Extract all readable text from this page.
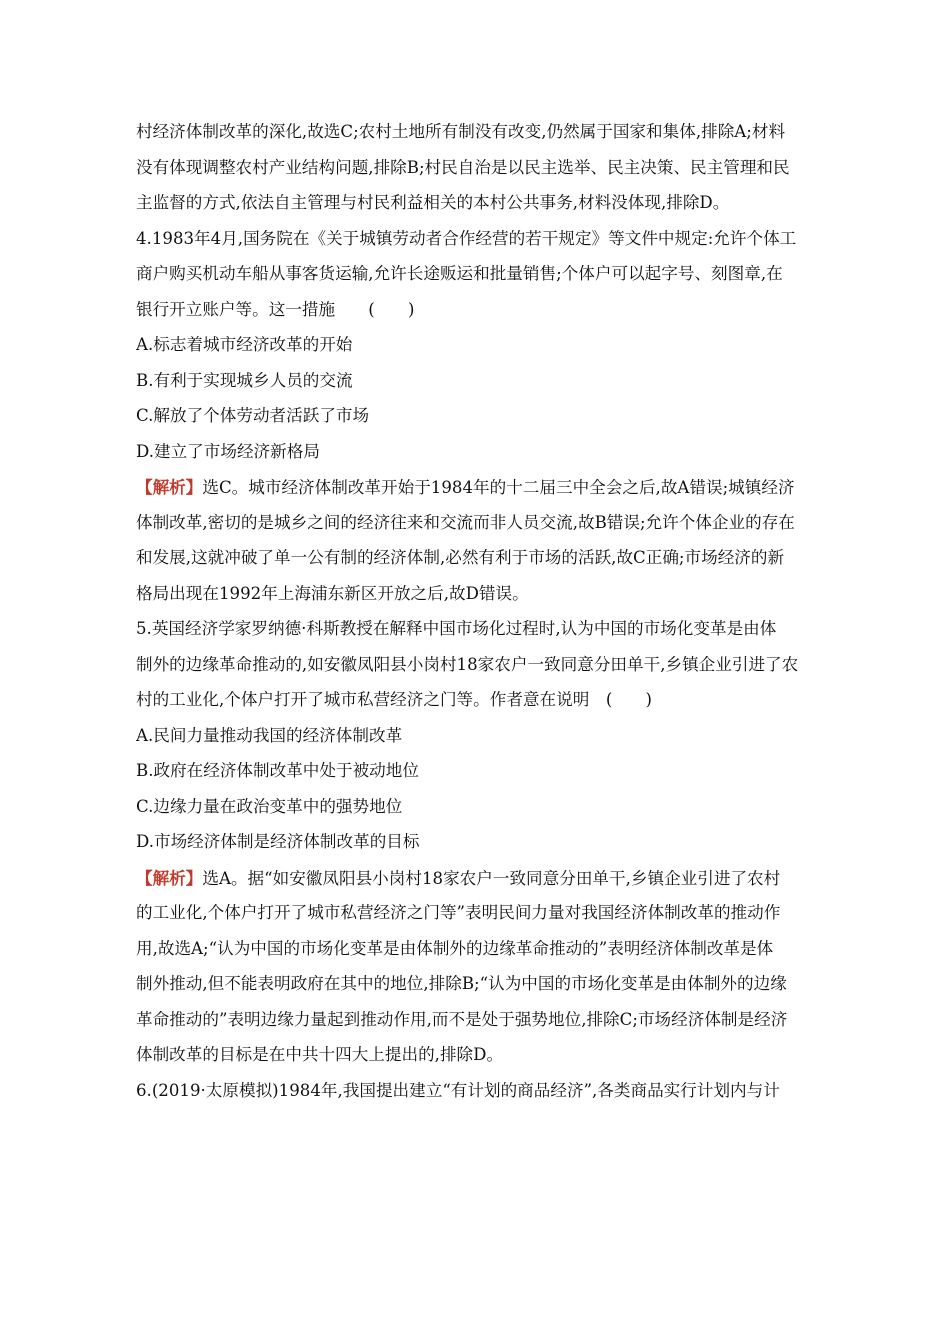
村经济体制改革的深化,故选C;农村土地所有制没有改变,仍然属于国家和集体,排除A;材料
没有体现调整农村产业结构问题,排除B;村民自治是以民主选举、民主决策、民主管理和民
主监督的方式,依法自主管理与村民利益相关的本村公共事务,材料没体现,排除D。
4.1983年4月,国务院在《关于城镇劳动者合作经营的若干规定》等文件中规定:允许个体工
商户购买机动车船从事客货运输,允许长途贩运和批量销售;个体户可以起字号、刻图章,在
银行开立账户等。这一措施　　(　　)
A.标志着城市经济改革的开始
B.有利于实现城乡人员的交流
C.解放了个体劳动者活跃了市场
D.建立了市场经济新格局
【解析】选C。城市经济体制改革开始于1984年的十二届三中全会之后,故A错误;城镇经济
体制改革,密切的是城乡之间的经济往来和交流而非人员交流,故B错误;允许个体企业的存在
和发展,这就冲破了单一公有制的经济体制,必然有利于市场的活跃,故C正确;市场经济的新
格局出现在1992年上海浦东新区开放之后,故D错误。
5.英国经济学家罗纳德·科斯教授在解释中国市场化过程时,认为中国的市场化变革是由体
制外的边缘革命推动的,如安徽凤阳县小岗村18家农户一致同意分田单干,乡镇企业引进了农
村的工业化,个体户打开了城市私营经济之门等。作者意在说明　(　　)
A.民间力量推动我国的经济体制改革
B.政府在经济体制改革中处于被动地位
C.边缘力量在政治变革中的强势地位
D.市场经济体制是经济体制改革的目标
【解析】选A。据“如安徽凤阳县小岗村18家农户一致同意分田单干,乡镇企业引进了农村
的工业化,个体户打开了城市私营经济之门等”表明民间力量对我国经济体制改革的推动作
用,故选A;“认为中国的市场化变革是由体制外的边缘革命推动的”表明经济体制改革是体
制外推动,但不能表明政府在其中的地位,排除B;“认为中国的市场化变革是由体制外的边缘
革命推动的”表明边缘力量起到推动作用,而不是处于强势地位,排除C;市场经济体制是经济
体制改革的目标是在中共十四大上提出的,排除D。
6.(2019·太原模拟)1984年,我国提出建立“有计划的商品经济”,各类商品实行计划内与计
